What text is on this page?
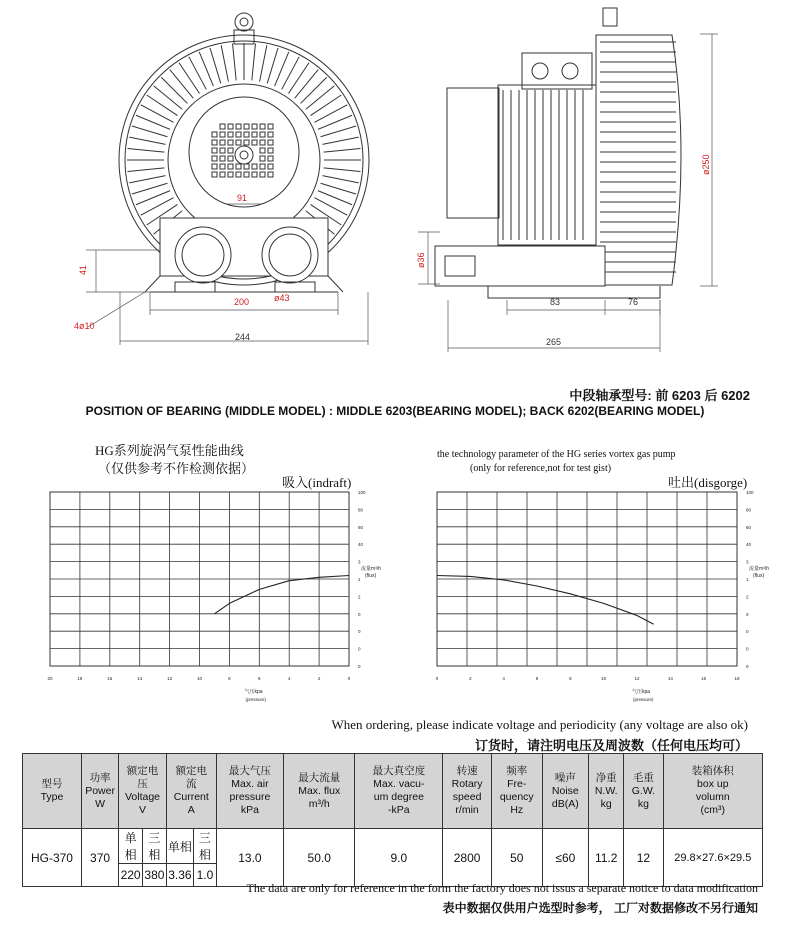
91
41
200	ø43
4ø10
244
ø250
ø36
83	76
265
中段轴承型号: 前 6203 后 6202
POSITION OF BEARING (MIDDLE MODEL) : MIDDLE 6203(BEARING MODEL); BACK 6202(BEARING MODEL)
HG系列旋涡气泵性能曲线
（仅供参考不作检测依据）
the technology parameter of the HG series vortex gas pump
(only for reference,not for test gist)
吸入(indraft)	吐出(disgorge)
20	18	16	14	12	10	8	6	4	2	0
100
80
60
40
3
1
2
0
0
0
0
流量m³/h
(flux)
气压kpa
(pressure)
0	2	4	6	8	10	12	14	16	18
100
80
60
40
3
1
2
0
0
0
0
流量m³/h
(flux)
气压kpa
(pressure)
When ordering, please indicate voltage and periodicity (any voltage are also ok)
订货时，请注明电压及周波数（任何电压均可）
型号
Type	功率
Power
W	额定电
压
Voltage
V		额定电
流
Current
A		最大气压
Max. air
pressure
kPa	最大流量
Max. flux
m³/h	最大真空度
Max. vacu-
um degree
-kPa	转速
Rotary
speed
r/min	频率
Fre-
quency
Hz	噪声
Noise
dB(A)	净重
N.W.
kg	毛重
G.W.
kg	装箱体积
box up
volumn
(cm³)
HG-370	370	单相	三相	单相	三相	13.0	50.0	9.0	2800	50	≤60	11.2	12	29.8×27.6×29.5
		220	380	3.36	1.0									
The data are only for reference in the form the factory does not issus a separate notice to data modification
表中数据仅供用户选型时参考， 工厂对数据修改不另行通知
